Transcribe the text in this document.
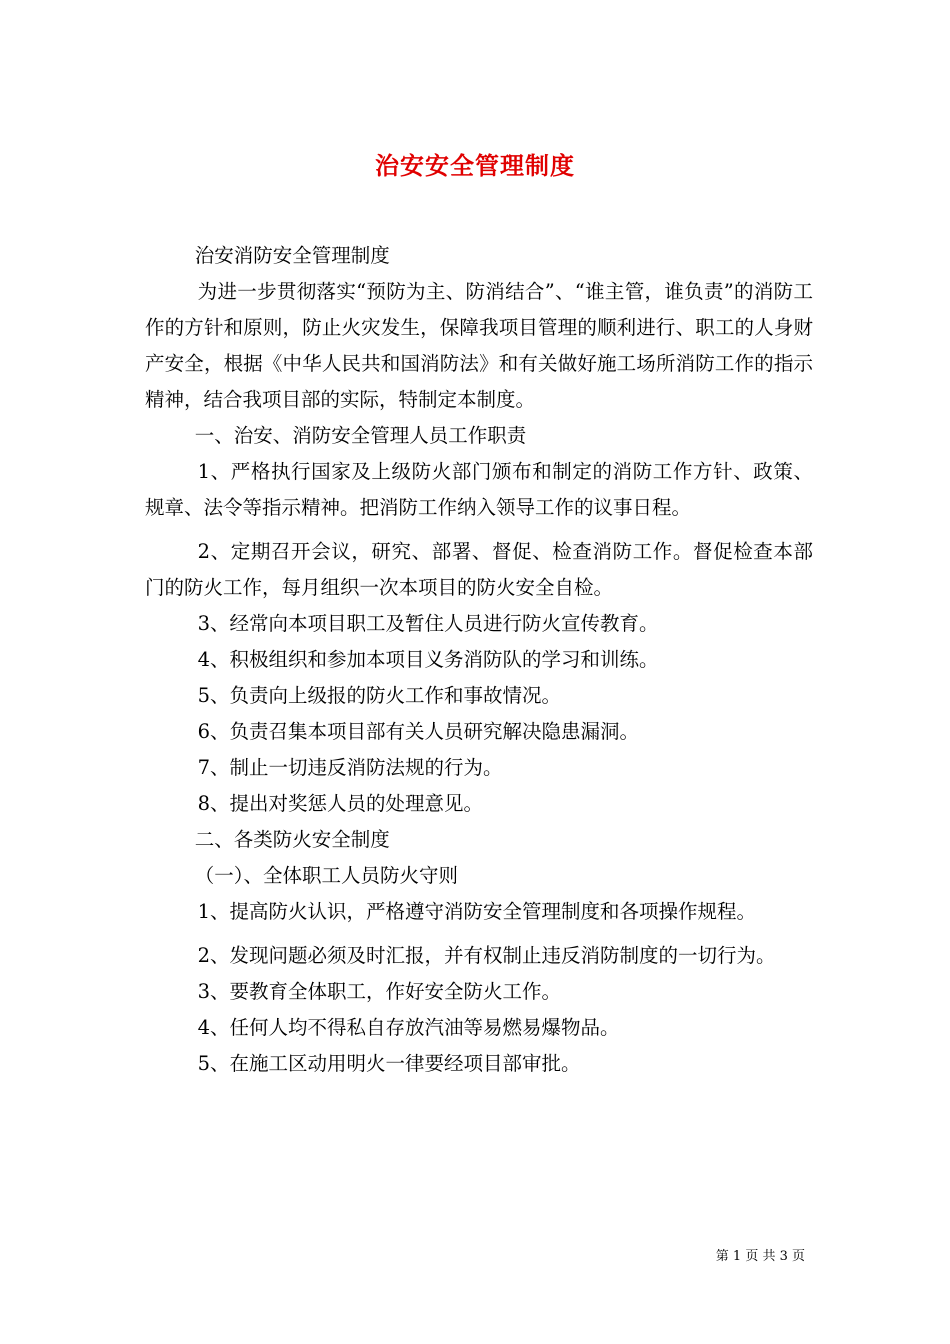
治安安全管理制度

治安消防安全管理制度

为进一步贯彻落实“预防为主、防消结合”、“谁主管，谁负责”的消防工作的方针和原则，防止火灾发生，保障我项目管理的顺利进行、职工的人身财产安全，根据《中华人民共和国消防法》和有关做好施工场所消防工作的指示精神，结合我项目部的实际，特制定本制度。

一、治安、消防安全管理人员工作职责

1、严格执行国家及上级防火部门颁布和制定的消防工作方针、政策、规章、法令等指示精神。把消防工作纳入领导工作的议事日程。

2、定期召开会议，研究、部署、督促、检查消防工作。督促检查本部门的防火工作，每月组织一次本项目的防火安全自检。

3、经常向本项目职工及暂住人员进行防火宣传教育。

4、积极组织和参加本项目义务消防队的学习和训练。

5、负责向上级报的防火工作和事故情况。

6、负责召集本项目部有关人员研究解决隐患漏洞。

7、制止一切违反消防法规的行为。

8、提出对奖惩人员的处理意见。

二、各类防火安全制度

（一）、全体职工人员防火守则

1、提高防火认识，严格遵守消防安全管理制度和各项操作规程。

2、发现问题必须及时汇报，并有权制止违反消防制度的一切行为。

3、要教育全体职工，作好安全防火工作。

4、任何人均不得私自存放汽油等易燃易爆物品。

5、在施工区动用明火一律要经项目部审批。

第 1 页 共 3 页
